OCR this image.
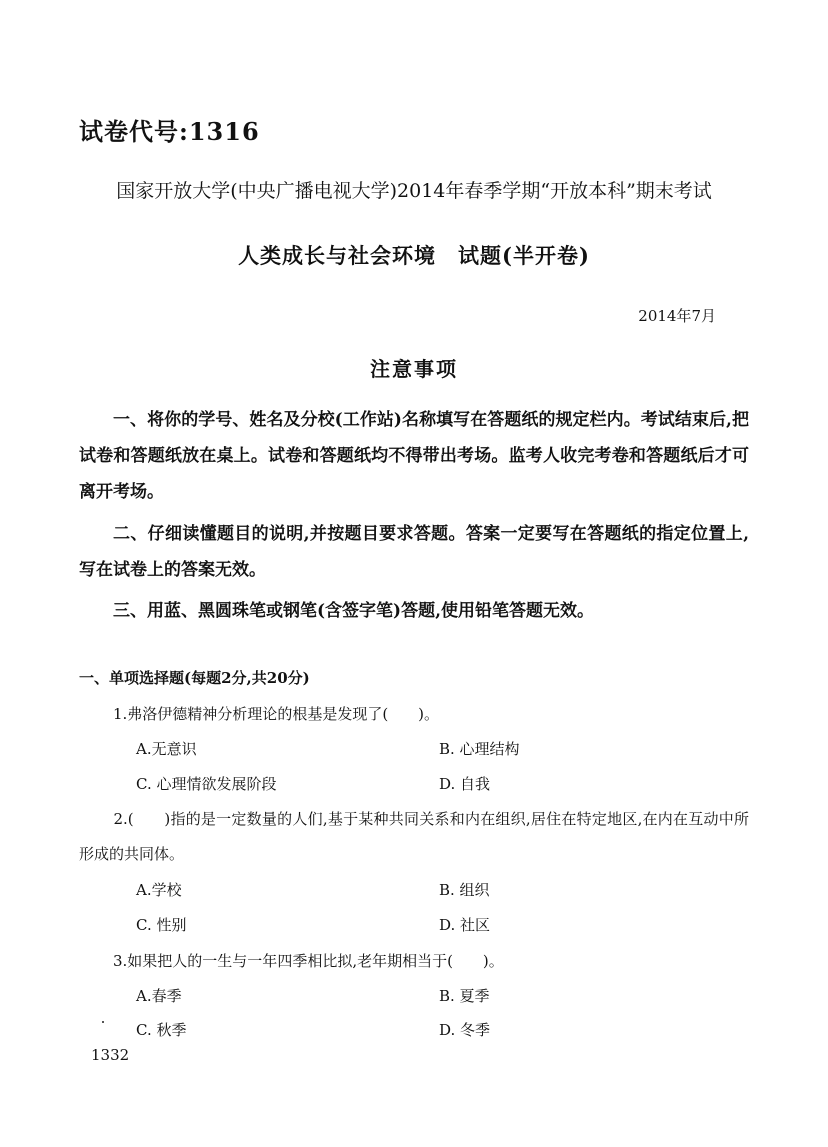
试卷代号:1316
国家开放大学(中央广播电视大学)2014年春季学期“开放本科”期末考试
人类成长与社会环境　试题(半开卷)
2014年7月
注意事项
一、将你的学号、姓名及分校(工作站)名称填写在答题纸的规定栏内。考试结束后,把试卷和答题纸放在桌上。试卷和答题纸均不得带出考场。监考人收完考卷和答题纸后才可离开考场。
二、仔细读懂题目的说明,并按题目要求答题。答案一定要写在答题纸的指定位置上,写在试卷上的答案无效。
三、用蓝、黑圆珠笔或钢笔(含签字笔)答题,使用铅笔答题无效。
一、单项选择题(每题2分,共20分)
1.弗洛伊德精神分析理论的根基是发现了(　　)。
A.无意识	B. 心理结构
C. 心理情欲发展阶段	D. 自我
2.(　　)指的是一定数量的人们,基于某种共同关系和内在组织,居住在特定地区,在内在互动中所形成的共同体。
A.学校	B. 组织
C. 性别	D. 社区
3.如果把人的一生与一年四季相比拟,老年期相当于(　　)。
A.春季	B. 夏季
C. 秋季	D. 冬季
1332
